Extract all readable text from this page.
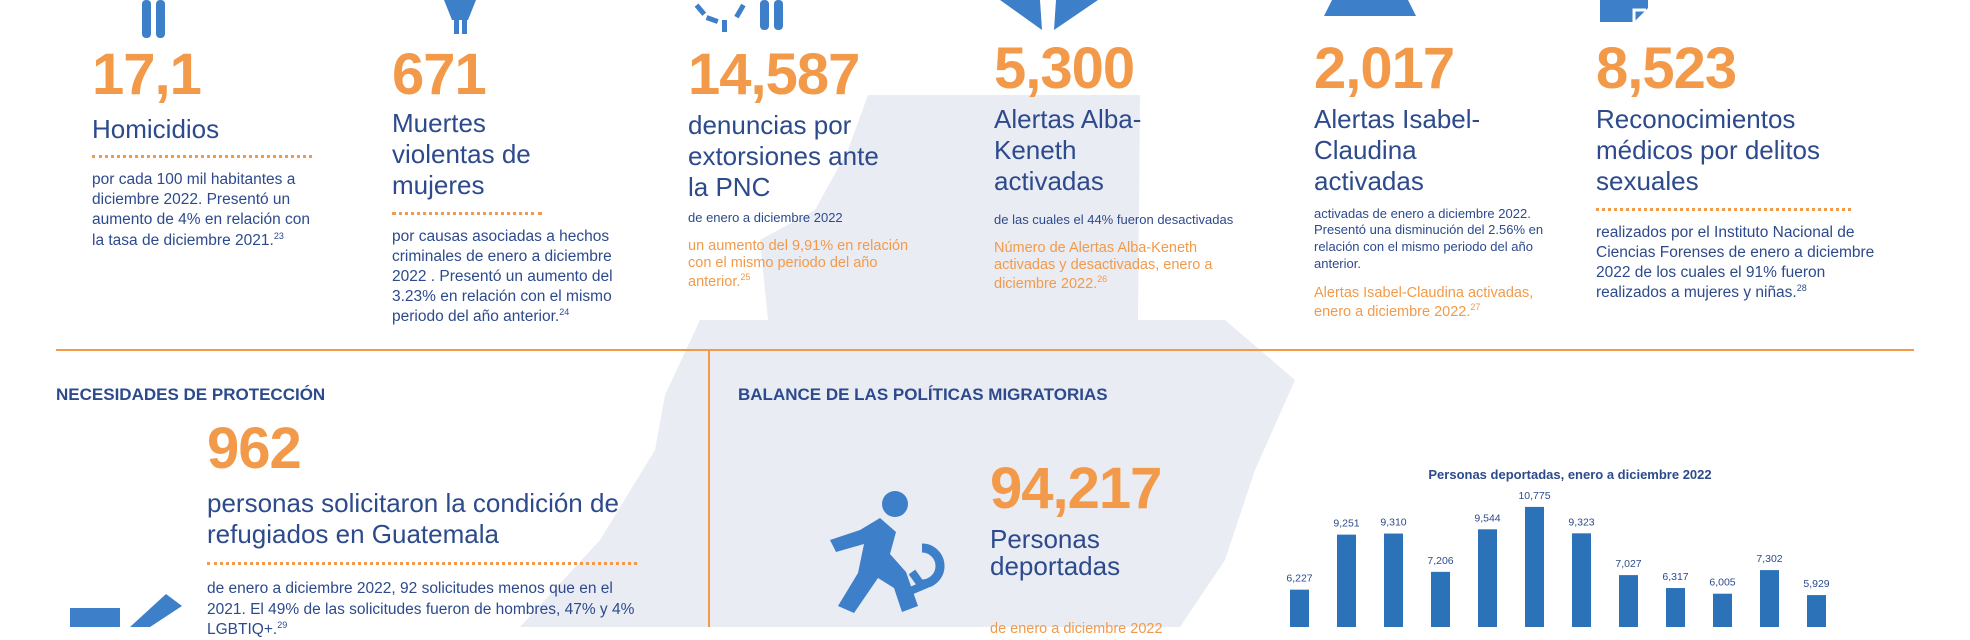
17,1
Homicidios
por cada 100 mil habitantes a diciembre 2022. Presentó un aumento de 4% en relación con la tasa de diciembre 2021.23
671
Muertes violentas de mujeres
por causas asociadas a hechos criminales de enero a diciembre 2022 . Presentó un aumento del 3.23% en relación con el mismo periodo del año anterior.$^{24}$
14,587
denuncias por extorsiones ante la PNC
de enero a diciembre 2022
un aumento del 9,91% en relación con el mismo periodo del año anterior.$^{25}$
5,300
Alertas Alba-Keneth activadas
de las cuales el 44% fueron desactivadas
Número de Alertas Alba-Keneth activadas y desactivadas, enero a diciembre 2022.26
2,017
Alertas Isabel-Claudina activadas
activadas de enero a diciembre 2022. Presentó una disminución del 2.56% en relación con el mismo periodo del año anterior.
Alertas Isabel-Claudina activadas, enero a diciembre 2022.27
8,523
Reconocimientos médicos por delitos sexuales
realizados por el Instituto Nacional de Ciencias Forenses de enero a diciembre 2022 de los cuales el 91% fueron realizados a mujeres y niñas.$^{28}$
NECESIDADES DE PROTECCIÓN
962
personas solicitaron la condición de refugiados en Guatemala
de enero a diciembre 2022, 92 solicitudes menos que en el 2021. El 49% de las solicitudes fueron de hombres, 47% y 4% LGBTIQ+.$^{29}$
BALANCE DE LAS POLÍTICAS MIGRATORIAS
94,217
Personas deportadas
de enero a diciembre 2022
Personas deportadas, enero a diciembre 2022
6,227
9,251 9,310
7,206
9,544
10,775
9,323
7,027
6,317 6,005
7,302
5,929
